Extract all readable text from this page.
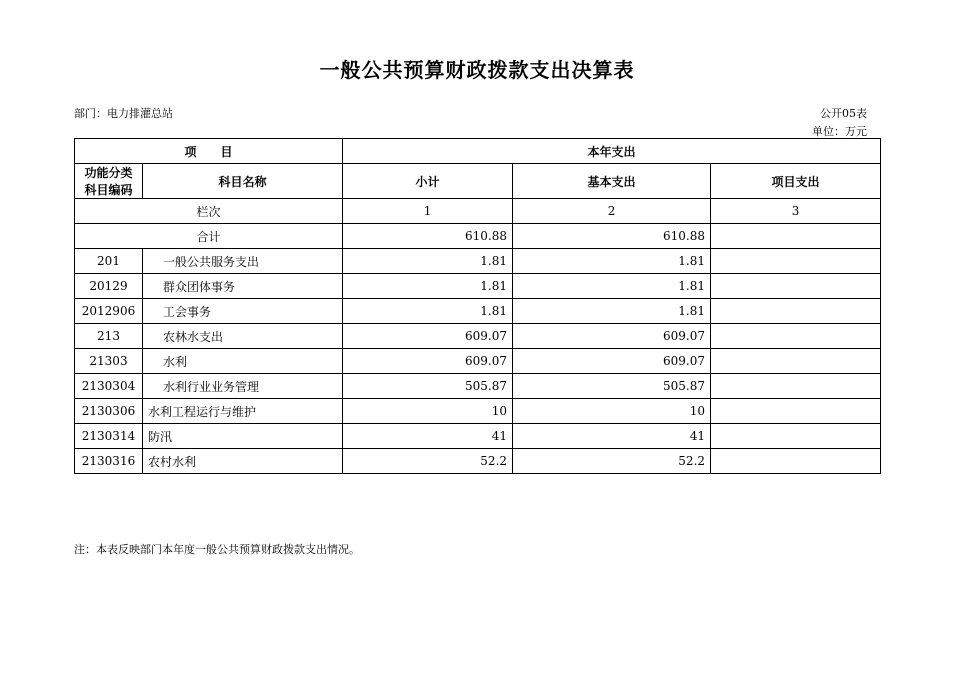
一般公共预算财政拨款支出决算表
部门：电力排灌总站	公开05表
单位：万元
项　　目		本年支出		
功能分类
科目编码	科目名称	小计	基本支出	项目支出
栏次		1	2	3
合计		610.88	610.88	
201	一般公共服务支出	1.81	1.81	
20129	群众团体事务	1.81	1.81	
2012906	工会事务	1.81	1.81	
213	农林水支出	609.07	609.07	
21303	水利	609.07	609.07	
2130304	水利行业业务管理	505.87	505.87	
2130306	水利工程运行与维护	10	10	
2130314	防汛	41	41	
2130316	农村水利	52.2	52.2	
注：本表反映部门本年度一般公共预算财政拨款支出情况。
